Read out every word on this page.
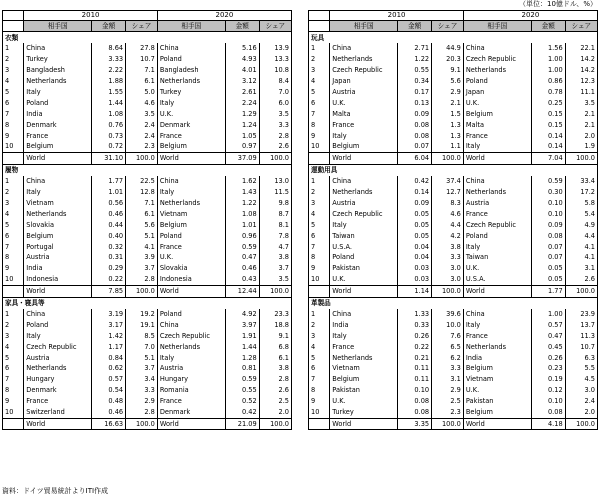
（単位：10億ドル、%）
	2010			2020		
	相手国	金額	シェア	相手国	金額	シェア
衣類						
1	China	8.64	27.8	China	5.16	13.9
2	Turkey	3.33	10.7	Poland	4.93	13.3
3	Bangladesh	2.22	7.1	Bangladesh	4.01	10.8
4	Netherlands	1.88	6.1	Netherlands	3.12	8.4
5	Italy	1.55	5.0	Turkey	2.61	7.0
6	Poland	1.44	4.6	Italy	2.24	6.0
7	India	1.08	3.5	U.K.	1.29	3.5
8	Denmark	0.76	2.4	Denmark	1.24	3.3
9	France	0.73	2.4	France	1.05	2.8
10	Belgium	0.72	2.3	Belgium	0.97	2.6
	World	31.10	100.0	World	37.09	100.0
履物						
1	China	1.77	22.5	China	1.62	13.0
2	Italy	1.01	12.8	Italy	1.43	11.5
3	Vietnam	0.56	7.1	Netherlands	1.22	9.8
4	Netherlands	0.46	6.1	Vietnam	1.08	8.7
5	Slovakia	0.44	5.6	Belgium	1.01	8.1
6	Belgium	0.40	5.1	Poland	0.96	7.8
7	Portugal	0.32	4.1	France	0.59	4.7
8	Austria	0.31	3.9	U.K.	0.47	3.8
9	India	0.29	3.7	Slovakia	0.46	3.7
10	Indonesia	0.22	2.8	Indonesia	0.43	3.5
	World	7.85	100.0	World	12.44	100.0
家具・寝具等						
1	China	3.19	19.2	Poland	4.92	23.3
2	Poland	3.17	19.1	China	3.97	18.8
3	Italy	1.42	8.5	Czech Republic	1.91	9.1
4	Czech Republic	1.17	7.0	Netherlands	1.44	6.8
5	Austria	0.84	5.1	Italy	1.28	6.1
6	Netherlands	0.62	3.7	Austria	0.81	3.8
7	Hungary	0.57	3.4	Hungary	0.59	2.8
8	Denmark	0.54	3.3	Romania	0.55	2.6
9	France	0.48	2.9	France	0.52	2.5
10	Switzerland	0.46	2.8	Denmark	0.42	2.0
	World	16.63	100.0	World	21.09	100.0
	2010			2020		
	相手国	金額	シェア	相手国	金額	シェア
玩具						
1	China	2.71	44.9	China	1.56	22.1
2	Netherlands	1.22	20.3	Czech Republic	1.00	14.2
3	Czech Republic	0.55	9.1	Netherlands	1.00	14.2
4	Japan	0.34	5.6	Poland	0.86	12.3
5	Austria	0.17	2.9	Japan	0.78	11.1
6	U.K.	0.13	2.1	U.K.	0.25	3.5
7	Malta	0.09	1.5	Belgium	0.15	2.1
8	France	0.08	1.3	Malta	0.15	2.1
9	Italy	0.08	1.3	France	0.14	2.0
10	Belgium	0.07	1.1	Italy	0.14	1.9
	World	6.04	100.0	World	7.04	100.0
運動用具						
1	China	0.42	37.4	China	0.59	33.4
2	Netherlands	0.14	12.7	Netherlands	0.30	17.2
3	Austria	0.09	8.3	Austria	0.10	5.8
4	Czech Republic	0.05	4.6	France	0.10	5.4
5	Italy	0.05	4.4	Czech Republic	0.09	4.9
6	Taiwan	0.05	4.2	Poland	0.08	4.4
7	U.S.A.	0.04	3.8	Italy	0.07	4.1
8	Poland	0.04	3.3	Taiwan	0.07	4.1
9	Pakistan	0.03	3.0	U.K.	0.05	3.1
10	U.K.	0.03	3.0	U.S.A.	0.05	2.6
	World	1.14	100.0	World	1.77	100.0
革製品						
1	China	1.33	39.6	China	1.00	23.9
2	India	0.33	10.0	Italy	0.57	13.7
3	Italy	0.26	7.6	France	0.47	11.3
4	France	0.22	6.5	Netherlands	0.45	10.7
5	Netherlands	0.21	6.2	India	0.26	6.3
6	Vietnam	0.11	3.3	Belgium	0.23	5.5
7	Belgium	0.11	3.1	Vietnam	0.19	4.5
8	Pakistan	0.10	2.9	U.K.	0.12	3.0
9	U.K.	0.08	2.5	Pakistan	0.10	2.4
10	Turkey	0.08	2.3	Belgium	0.08	2.0
	World	3.35	100.0	World	4.18	100.0
資料：ドイツ貿易統計よりITI作成
